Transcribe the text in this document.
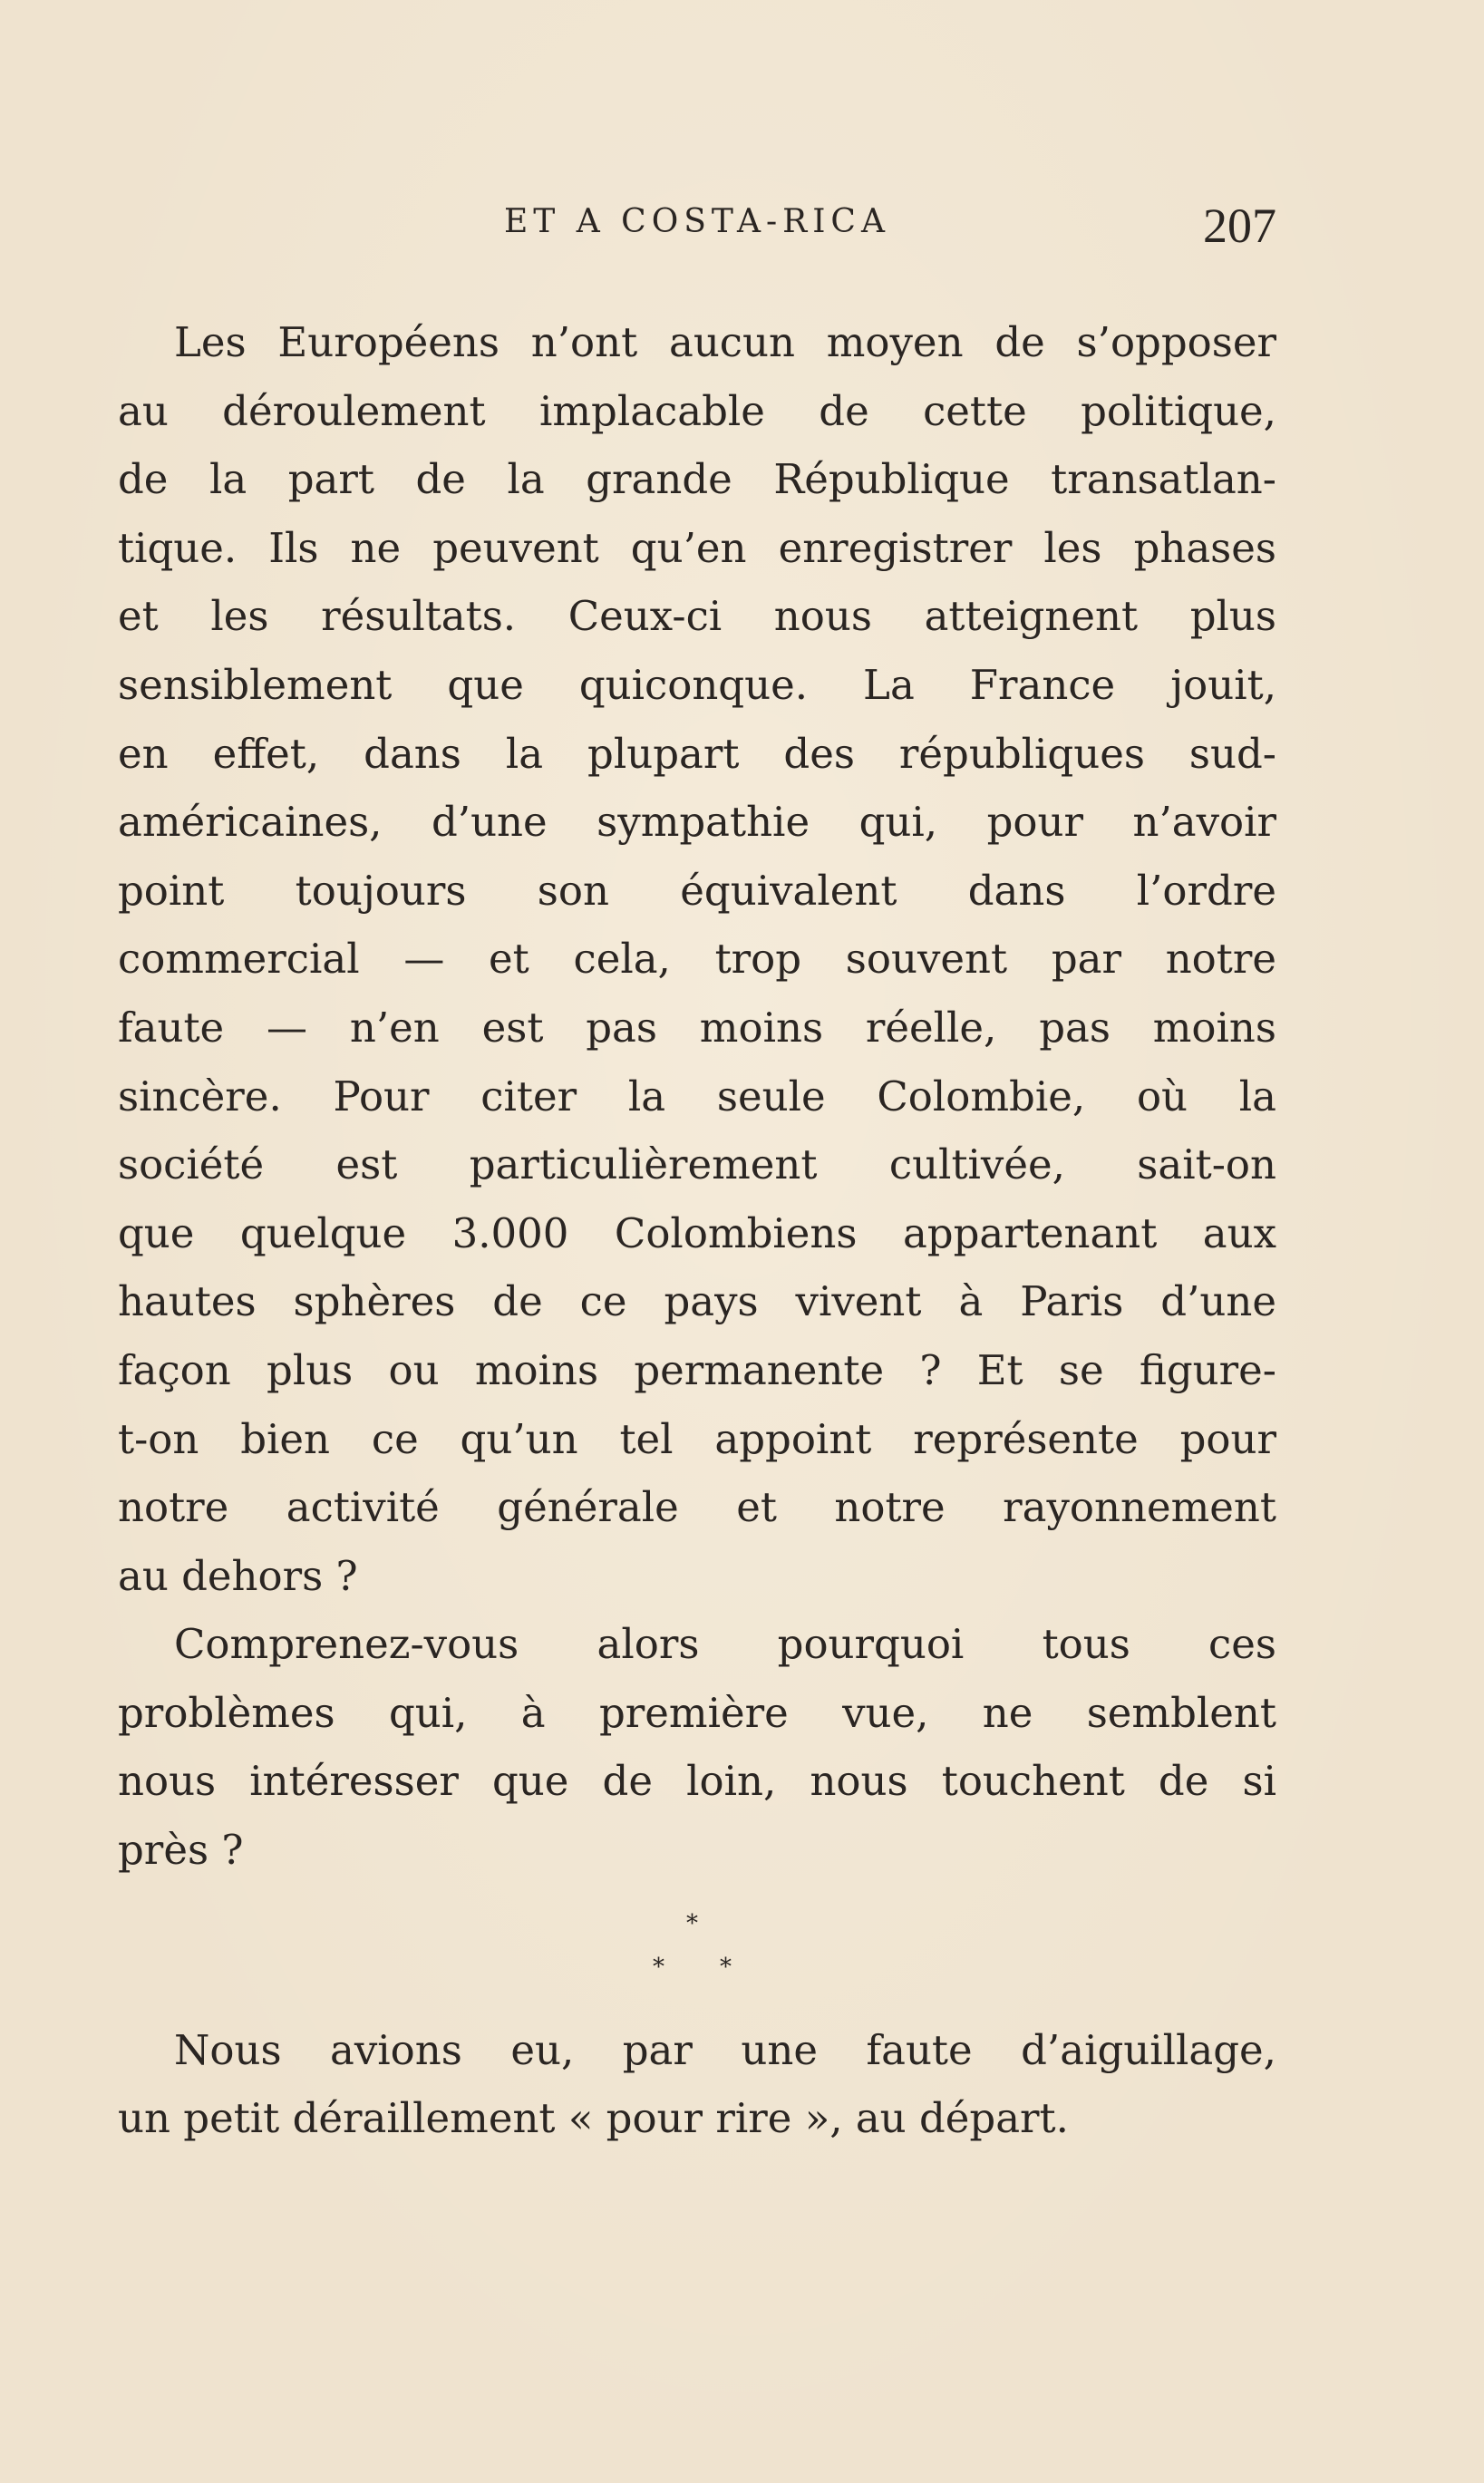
ET A COSTA-RICA	207
Les Européens n’ont aucun moyen de s’opposer
au déroulement implacable de cette politique,
de la part de la grande République transatlan-
tique. Ils ne peuvent qu’en enregistrer les phases
et les résultats. Ceux-ci nous atteignent plus
sensiblement que quiconque. La France jouit,
en effet, dans la plupart des républiques sud-
américaines, d’une sympathie qui, pour n’avoir
point toujours son équivalent dans l’ordre
commercial — et cela, trop souvent par notre
faute — n’en est pas moins réelle, pas moins
sincère. Pour citer la seule Colombie, où la
société est particulièrement cultivée, sait-on
que quelque 3.000 Colombiens appartenant aux
hautes sphères de ce pays vivent à Paris d’une
façon plus ou moins permanente ? Et se figure-
t-on bien ce qu’un tel appoint représente pour
notre activité générale et notre rayonnement
au dehors ?
Comprenez-vous alors pourquoi tous ces
problèmes qui, à première vue, ne semblent
nous intéresser que de loin, nous touchent de si
près ?
*
* *
Nous avions eu, par une faute d’aiguillage,
un petit déraillement « pour rire », au départ.
